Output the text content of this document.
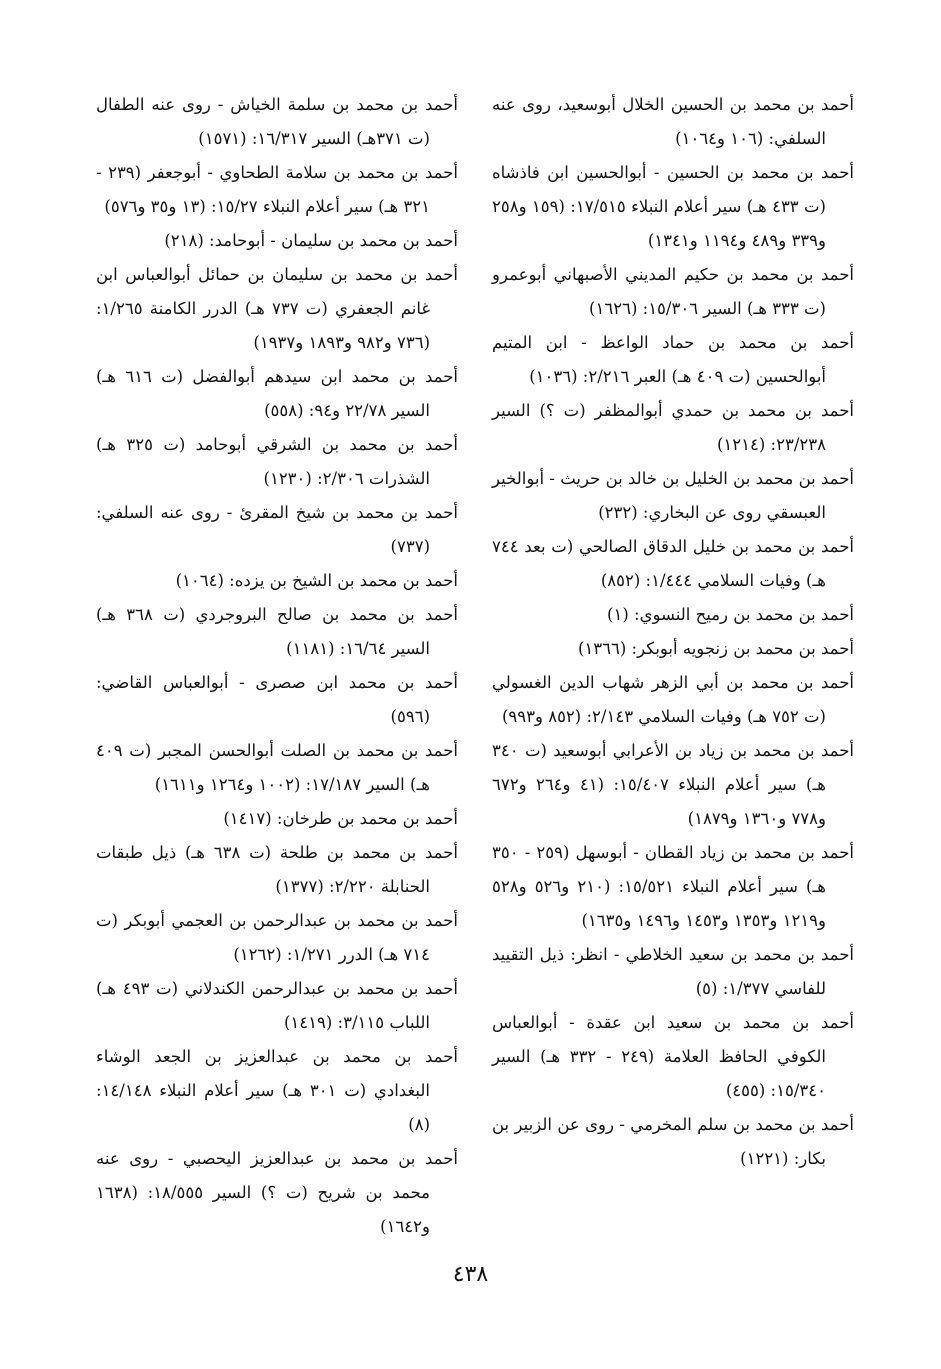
أحمد بن محمد بن الحسين الخلال أبوسعيد، روى عنه السلفي: (١٠٦ و١٠٦٤)

أحمد بن محمد بن الحسين - أبوالحسين ابن فاذشاه (ت ٤٣٣ هـ) سير أعلام النبلاء ١٧/٥١٥: (١٥٩ و٢٥٨ و٣٣٩ و٤٨٩ و١١٩٤ و١٣٤١)

أحمد بن محمد بن حكيم المديني الأصبهاني أبوعمرو (ت ٣٣٣ هـ) السير ١٥/٣٠٦: (١٦٢٦)

أحمد بن محمد بن حماد الواعظ - ابن المتيم أبوالحسين (ت ٤٠٩ هـ) العبر ٢/٢١٦: (١٠٣٦)

أحمد بن محمد بن حمدي أبوالمظفر (ت ؟) السير ٢٣/٢٣٨: (١٢١٤)

أحمد بن محمد بن الخليل بن خالد بن حريث - أبوالخير العبسقي روى عن البخاري: (٢٣٢)

أحمد بن محمد بن خليل الدقاق الصالحي (ت بعد ٧٤٤ هـ) وفيات السلامي ١/٤٤٤: (٨٥٢)

أحمد بن محمد بن رميح النسوي: (١)

أحمد بن محمد بن زنجويه أبوبكر: (١٣٦٦)

أحمد بن محمد بن أبي الزهر شهاب الدين الغسولي (ت ٧٥٢ هـ) وفيات السلامي ٢/١٤٣: (٨٥٢ و٩٩٣)

أحمد بن محمد بن زياد بن الأعرابي أبوسعيد (ت ٣٤٠ هـ) سير أعلام النبلاء ١٥/٤٠٧: (٤١ و٢٦٤ و٦٧٢ و٧٧٨ و١٣٦٠ و١٨٧٩)

أحمد بن محمد بن زياد القطان - أبوسهل (٢٥٩ - ٣٥٠ هـ) سير أعلام النبلاء ١٥/٥٢١: (٢١٠ و٥٢٦ و٥٢٨ و١٢١٩ و١٣٥٣ و١٤٥٣ و١٤٩٦ و١٦٣٥)

أحمد بن محمد بن سعيد الخلاطي - انظر: ذيل التقييد للفاسي ١/٣٧٧: (٥)

أحمد بن محمد بن سعيد ابن عقدة - أبوالعباس الكوفي الحافظ العلامة (٢٤٩ - ٣٣٢ هـ) السير ١٥/٣٤٠: (٤٥٥)

أحمد بن محمد بن سلم المخرمي - روى عن الزبير بن بكار: (١٢٢١)

أحمد بن محمد بن سلمة الخياش - روى عنه الطفال (ت ٣٧١هـ) السير ١٦/٣١٧: (١٥٧١)

أحمد بن محمد بن سلامة الطحاوي - أبوجعفر (٢٣٩ - ٣٢١ هـ) سير أعلام النبلاء ١٥/٢٧: (١٣ و٣٥ و٥٧٦)

أحمد بن محمد بن سليمان - أبوحامد: (٢١٨)

أحمد بن محمد بن سليمان بن حمائل أبوالعباس ابن غانم الجعفري (ت ٧٣٧ هـ) الدرر الكامنة ١/٢٦٥: (٧٣٦ و٩٨٢ و١٨٩٣ و١٩٣٧)

أحمد بن محمد ابن سيدهم أبوالفضل (ت ٦١٦ هـ) السير ٢٢/٧٨ و٩٤: (٥٥٨)

أحمد بن محمد بن الشرقي أبوحامد (ت ٣٢٥ هـ) الشذرات ٢/٣٠٦: (١٢٣٠)

أحمد بن محمد بن شيخ المقرئ - روى عنه السلفي: (٧٣٧)

أحمد بن محمد بن الشيخ بن يزده: (١٠٦٤)

أحمد بن محمد بن صالح البروجردي (ت ٣٦٨ هـ) السير ١٦/٦٤: (١١٨١)

أحمد بن محمد ابن صصرى - أبوالعباس القاضي: (٥٩٦)

أحمد بن محمد بن الصلت أبوالحسن المجبر (ت ٤٠٩ هـ) السير ١٧/١٨٧: (١٠٠٢ و١٢٦٤ و١٦١١)

أحمد بن محمد بن طرخان: (١٤١٧)

أحمد بن محمد بن طلحة (ت ٦٣٨ هـ) ذيل طبقات الحنابلة ٢/٢٢٠: (١٣٧٧)

أحمد بن محمد بن عبدالرحمن بن العجمي أبوبكر (ت ٧١٤ هـ) الدرر ١/٢٧١: (١٢٦٢)

أحمد بن محمد بن عبدالرحمن الكندلاني (ت ٤٩٣ هـ) اللباب ٣/١١٥: (١٤١٩)

أحمد بن محمد بن عبدالعزيز بن الجعد الوشاء البغدادي (ت ٣٠١ هـ) سير أعلام النبلاء ١٤/١٤٨: (٨)

أحمد بن محمد بن عبدالعزيز اليحصبي - روى عنه محمد بن شريح (ت ؟) السير ١٨/٥٥٥: (١٦٣٨ و١٦٤٢)

٤٣٨
